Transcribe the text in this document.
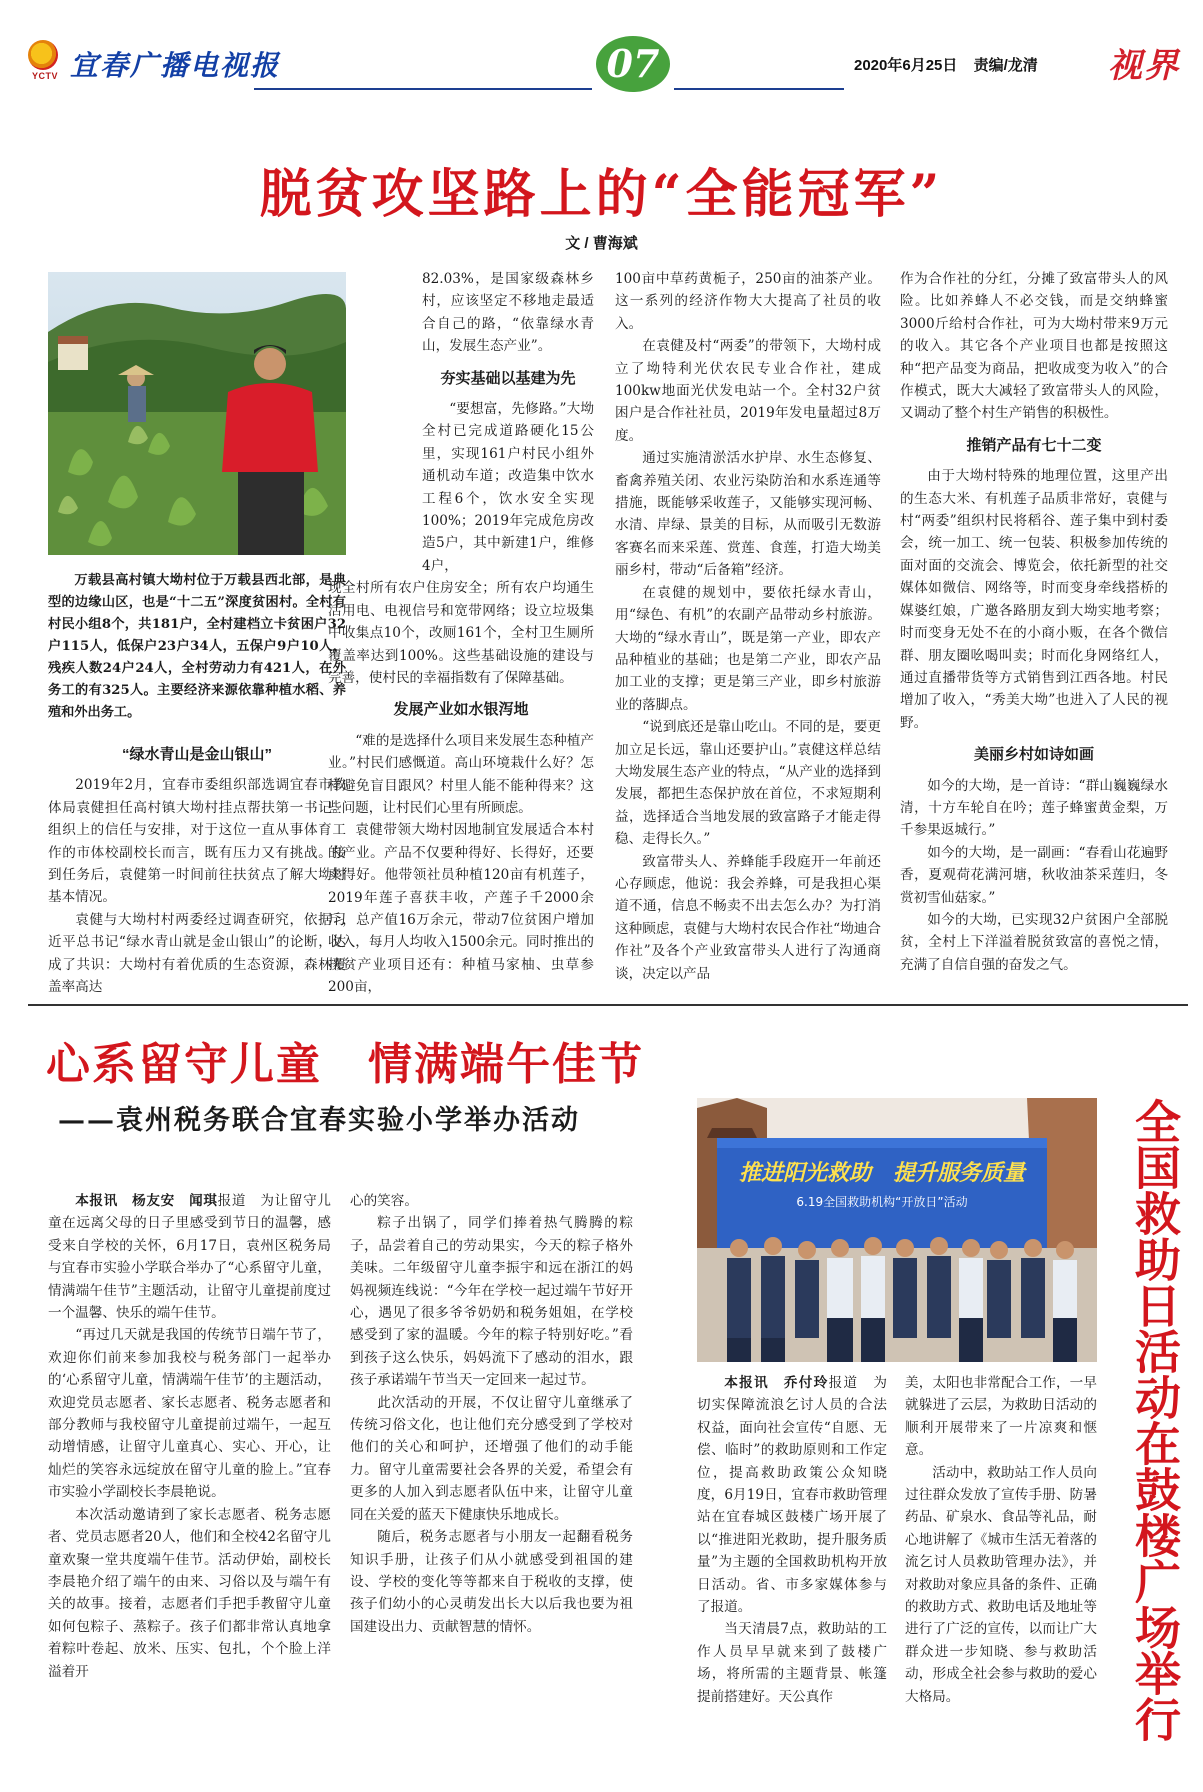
YCTV 宜春广播电视报	07	2020年6月25日 责编/龙清	视界
脱贫攻坚路上的“全能冠军”
文 / 曹海斌
万载县高村镇大坳村位于万载县西北部，是典型的边缘山区，也是“十二五”深度贫困村。全村有村民小组8个，共181户，全村建档立卡贫困户32户115人，低保户23户34人，五保户9户10人，残疾人数24户24人，全村劳动力有421人，在外务工的有325人。主要经济来源依靠种植水稻、养殖和外出务工。
“绿水青山是金山银山”

2019年2月，宜春市委组织部选调宜春市教体局袁健担任高村镇大坳村挂点帮扶第一书记。组织上的信任与安排，对于这位一直从事体育工作的市体校副校长而言，既有压力又有挑战。接到任务后，袁健第一时间前往扶贫点了解大坳村基本情况。

袁健与大坳村村两委经过调查研究，依据习近平总书记“绿水青山就是金山银山”的论断，达成了共识：大坳村有着优质的生态资源，森林覆盖率高达

82.03%，是国家级森林乡村，应该坚定不移地走最适合自己的路，“依靠绿水青山，发展生态产业”。

夯实基础以基建为先

“要想富，先修路。”大坳全村已完成道路硬化15公里，实现161户村民小组外通机动车道；改造集中饮水工程6个，饮水安全实现100%；2019年完成危房改造5户，其中新建1户，维修4户，

现全村所有农户住房安全；所有农户均通生活用电、电视信号和宽带网络；设立垃圾集中收集点10个，改厕161个，全村卫生厕所覆盖率达到100%。这些基础设施的建设与完善，使村民的幸福指数有了保障基础。

发展产业如水银泻地

“难的是选择什么项目来发展生态种植产业。”村民们感慨道。高山环境栽什么好？怎样避免盲目跟风？村里人能不能种得来？这些问题，让村民们心里有所顾虑。

袁健带领大坳村因地制宜发展适合本村的产业。产品不仅要种得好、长得好，还要卖得好。他带领社员种植120亩有机莲子，2019年莲子喜获丰收，产莲子千2000余斤，总产值16万余元，带动7位贫困户增加收入，每月人均收入1500余元。同时推出的扶贫产业项目还有：种植马家柚、虫草参200亩，

100亩中草药黄栀子，250亩的油茶产业。这一系列的经济作物大大提高了社员的收入。

在袁健及村“两委”的带领下，大坳村成立了坳特利光伏农民专业合作社，建成100kw地面光伏发电站一个。全村32户贫困户是合作社社员，2019年发电量超过8万度。

通过实施清淤活水护岸、水生态修复、畜禽养殖关闭、农业污染防治和水系连通等措施，既能够采收莲子，又能够实现河畅、水清、岸绿、景美的目标，从而吸引无数游客赛名而来采莲、赏莲、食莲，打造大坳美丽乡村，带动“后备箱”经济。

在袁健的规划中，要依托绿水青山，用“绿色、有机”的农副产品带动乡村旅游。大坳的“绿水青山”，既是第一产业，即农产品种植业的基础；也是第二产业，即农产品加工业的支撑；更是第三产业，即乡村旅游业的落脚点。

“说到底还是靠山吃山。不同的是，要更加立足长远，靠山还要护山。”袁健这样总结大坳发展生态产业的特点，“从产业的选择到发展，都把生态保护放在首位，不求短期利益，选择适合当地发展的致富路子才能走得稳、走得长久。”

致富带头人、养蜂能手段庭开一年前还心存顾虑，他说：我会养蜂，可是我担心渠道不通，信息不畅卖不出去怎么办？为打消这种顾虑，袁健与大坳村农民合作社“坳迪合作社”及各个产业致富带头人进行了沟通商谈，决定以产品

作为合作社的分红，分摊了致富带头人的风险。比如养蜂人不必交钱，而是交纳蜂蜜3000斤给村合作社，可为大坳村带来9万元的收入。其它各个产业项目也都是按照这种“把产品变为商品，把收成变为收入”的合作模式，既大大减轻了致富带头人的风险，又调动了整个村生产销售的积极性。

推销产品有七十二变

由于大坳村特殊的地理位置，这里产出的生态大米、有机莲子品质非常好，袁健与村“两委”组织村民将稻谷、莲子集中到村委会，统一加工、统一包装、积极参加传统的面对面的交流会、博览会，依托新型的社交媒体如微信、网络等，时而变身牵线搭桥的媒婆红娘，广邀各路朋友到大坳实地考察；时而变身无处不在的小商小贩，在各个微信群、朋友圈吆喝叫卖；时而化身网络红人，通过直播带货等方式销售到江西各地。村民增加了收入，“秀美大坳”也进入了人民的视野。

美丽乡村如诗如画

如今的大坳，是一首诗：“群山巍巍绿水清，十方车轮自在吟；莲子蜂蜜黄金梨，万千参果返城行。”

如今的大坳，是一副画：“春看山花遍野香，夏观荷花满河塘，秋收油茶采莲归，冬赏初雪仙菇家。”

如今的大坳，已实现32户贫困户全部脱贫，全村上下洋溢着脱贫致富的喜悦之情，充满了自信自强的奋发之气。

心系留守儿童　情满端午佳节
——袁州税务联合宜春实验小学举办活动

本报讯　杨友安　闻琪报道　为让留守儿童在远离父母的日子里感受到节日的温馨，感受来自学校的关怀，6月17日，袁州区税务局与宜春市实验小学联合举办了“心系留守儿童，情满端午佳节”主题活动，让留守儿童提前度过一个温馨、快乐的端午佳节。

“再过几天就是我国的传统节日端午节了，欢迎你们前来参加我校与税务部门一起举办的‘心系留守儿童，情满端午佳节’的主题活动，欢迎党员志愿者、家长志愿者、税务志愿者和部分教师与我校留守儿童提前过端午，一起互动增情感，让留守儿童真心、实心、开心，让灿烂的笑容永远绽放在留守儿童的脸上。”宜春市实验小学副校长李晨艳说。

本次活动邀请到了家长志愿者、税务志愿者、党员志愿者20人，他们和全校42名留守儿童欢聚一堂共度端午佳节。活动伊始，副校长李晨艳介绍了端午的由来、习俗以及与端午有关的故事。接着，志愿者们手把手教留守儿童如何包粽子、蒸粽子。孩子们都非常认真地拿着粽叶卷起、放米、压实、包扎，个个脸上洋溢着开

心的笑容。

粽子出锅了，同学们捧着热气腾腾的粽子，品尝着自己的劳动果实，今天的粽子格外美味。二年级留守儿童李振宇和远在浙江的妈妈视频连线说：“今年在学校一起过端午节好开心，遇见了很多爷爷奶奶和税务姐姐，在学校感受到了家的温暖。今年的粽子特别好吃。”看到孩子这么快乐，妈妈流下了感动的泪水，跟孩子承诺端午节当天一定回来一起过节。

此次活动的开展，不仅让留守儿童继承了传统习俗文化，也让他们充分感受到了学校对他们的关心和呵护，还增强了他们的动手能力。留守儿童需要社会各界的关爱，希望会有更多的人加入到志愿者队伍中来，让留守儿童同在关爱的蓝天下健康快乐地成长。

随后，税务志愿者与小朋友一起翻看税务知识手册，让孩子们从小就感受到祖国的建设、学校的变化等等都来自于税收的支撑，使孩子们幼小的心灵萌发出长大以后我也要为祖国建设出力、贡献智慧的情怀。

推进阳光救助　提升服务质量
6.19全国救助机构“开放日”活动	全国救助日活动在鼓楼广场举行

本报讯　乔付玲报道　为切实保障流浪乞讨人员的合法权益，面向社会宣传“自愿、无偿、临时”的救助原则和工作定位，提高救助政策公众知晓度，6月19日，宜春市救助管理站在宜春城区鼓楼广场开展了以“推进阳光救助，提升服务质量”为主题的全国救助机构开放日活动。省、市多家媒体参与了报道。

当天清晨7点，救助站的工作人员早早就来到了鼓楼广场，将所需的主题背景、帐篷提前搭建好。天公真作

美，太阳也非常配合工作，一早就躲进了云层，为救助日活动的顺利开展带来了一片凉爽和惬意。

活动中，救助站工作人员向过往群众发放了宣传手册、防暑药品、矿泉水、食品等礼品，耐心地讲解了《城市生活无着落的流乞讨人员救助管理办法》，并对救助对象应具备的条件、正确的救助方式、救助电话及地址等进行了广泛的宣传，以而让广大群众进一步知晓、参与救助活动，形成全社会参与救助的爱心大格局。
